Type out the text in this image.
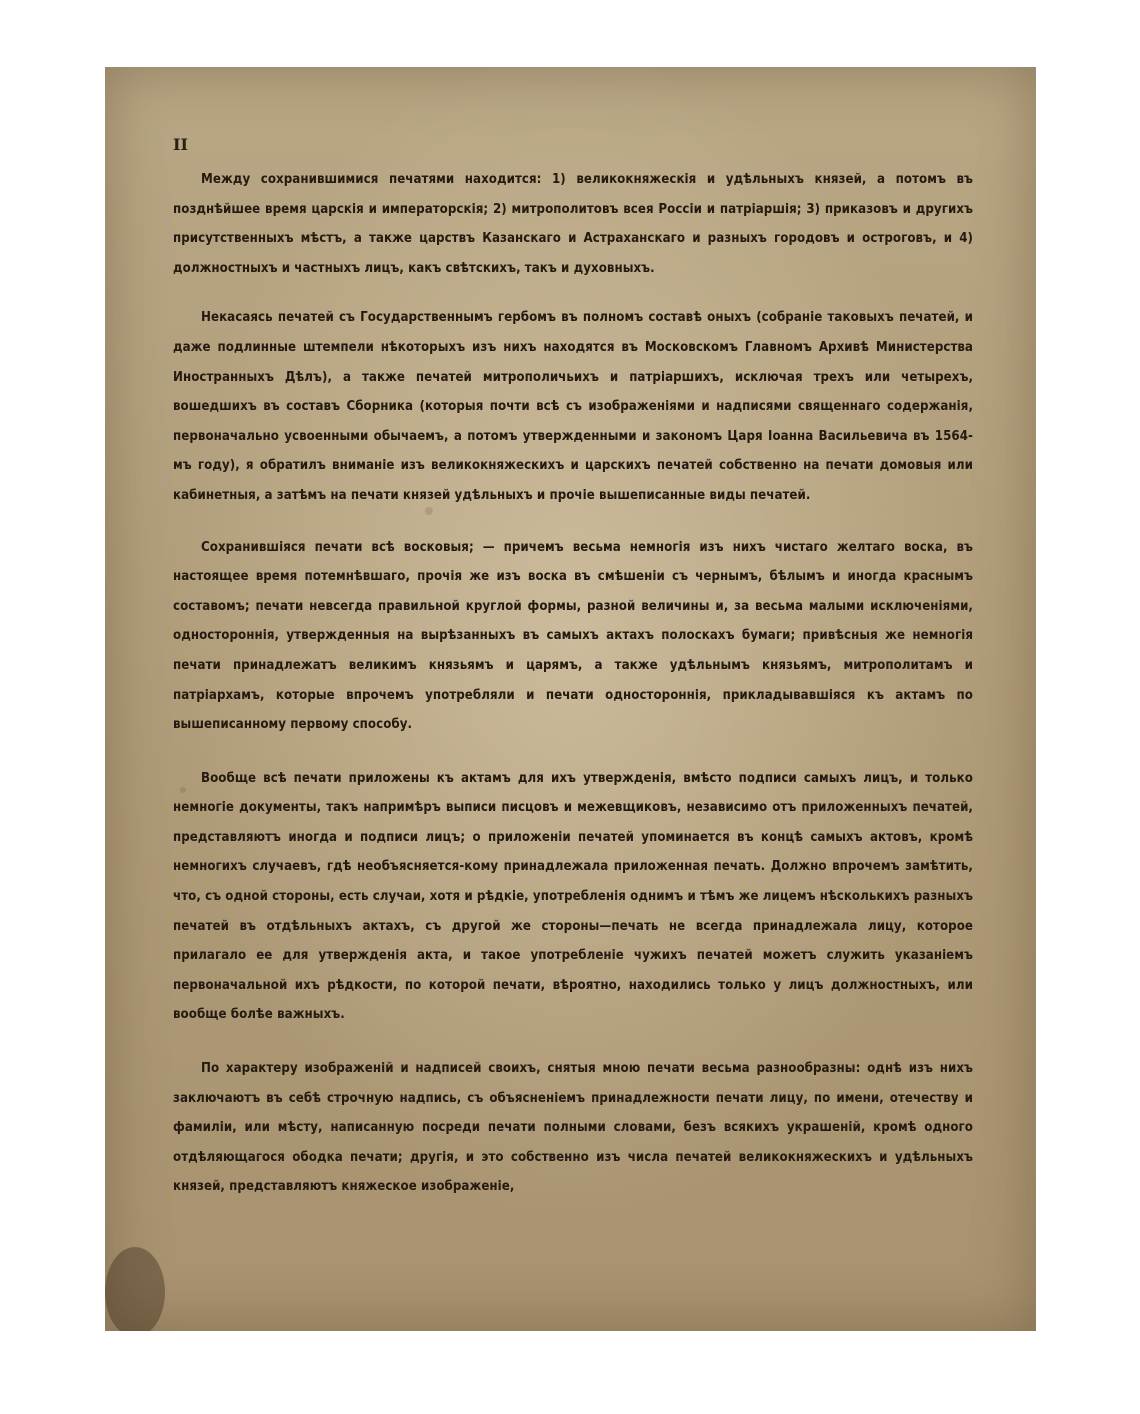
II

Между сохранившимися печатями находится: 1) великокняжескія и удѣльныхъ князей, а потомъ въ позднѣйшее время царскія и императорскія; 2) митрополитовъ всея Россіи и патріаршія; 3) приказовъ и другихъ присутственныхъ мѣстъ, а также царствъ Казанскаго и Астраханскаго и разныхъ городовъ и остроговъ, и 4) должностныхъ и частныхъ лицъ, какъ свѣтскихъ, такъ и духовныхъ.

Некасаясь печатей съ Государственнымъ гербомъ въ полномъ составѣ оныхъ (собраніе таковыхъ печатей, и даже подлинные штемпели нѣкоторыхъ изъ нихъ находятся въ Московскомъ Главномъ Архивѣ Министерства Иностранныхъ Дѣлъ), а также печатей митрополичьихъ и патріаршихъ, исключая трехъ или четырехъ, вошедшихъ въ составъ Сборника (которыя почти всѣ съ изображеніями и надписями священнаго содержанія, первоначально усвоенными обычаемъ, а потомъ утвержденными и закономъ Царя Іоанна Васильевича въ 1564-мъ году), я обратилъ вниманіе изъ великокняжескихъ и царскихъ печатей собственно на печати домовыя или кабинетныя, а затѣмъ на печати князей удѣльныхъ и прочіе вышеписанные виды печатей.

Сохранившіяся печати всѣ восковыя; — причемъ весьма немногія изъ нихъ чистаго желтаго воска, въ настоящее время потемнѣвшаго, прочія же изъ воска въ смѣшеніи съ чернымъ, бѣлымъ и иногда краснымъ составомъ; печати невсегда правильной круглой формы, разной величины и, за весьма малыми исключеніями, одностороннія, утвержденныя на вырѣзанныхъ въ самыхъ актахъ полоскахъ бумаги; привѣсныя же немногія печати принадлежатъ великимъ князьямъ и царямъ, а также удѣльнымъ князьямъ, митрополитамъ и патріархамъ, которые впрочемъ употребляли и печати одностороннія, прикладывавшіяся къ актамъ по вышеписанному первому способу.

Вообще всѣ печати приложены къ актамъ для ихъ утвержденія, вмѣсто подписи самыхъ лицъ, и только немногіе документы, такъ напримѣръ выписи писцовъ и межевщиковъ, независимо отъ приложенныхъ печатей, представляютъ иногда и подписи лицъ; о приложеніи печатей упоминается въ концѣ самыхъ актовъ, кромѣ немногихъ случаевъ, гдѣ необъясняется-кому принадлежала приложенная печать. Должно впрочемъ замѣтить, что, съ одной стороны, есть случаи, хотя и рѣдкіе, употребленія однимъ и тѣмъ же лицемъ нѣсколькихъ разныхъ печатей въ отдѣльныхъ актахъ, съ другой же стороны—печать не всегда принадлежала лицу, которое прилагало ее для утвержденія акта, и такое употребленіе чужихъ печатей можетъ служить указаніемъ первоначальной ихъ рѣдкости, по которой печати, вѣроятно, находились только у лицъ должностныхъ, или вообще болѣе важныхъ.

По характеру изображеній и надписей своихъ, снятыя мною печати весьма разнообразны: однѣ изъ нихъ заключаютъ въ себѣ строчную надпись, съ объясненіемъ принадлежности печати лицу, по имени, отечеству и фамиліи, или мѣсту, написанную посреди печати полными словами, безъ всякихъ украшеній, кромѣ одного отдѣляющагося ободка печати; другія, и это собственно изъ числа печатей великокняжескихъ и удѣльныхъ князей, представляютъ княжеское изображеніе,
